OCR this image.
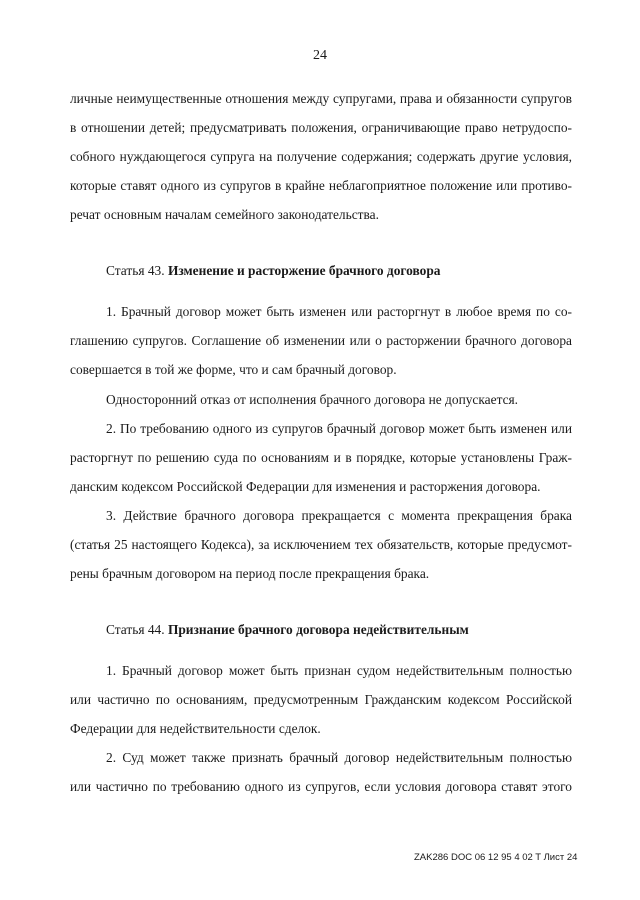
24
личные неимущественные отношения между супругами, права и обязанности супругов
в отношении детей; предусматривать положения, ограничивающие право нетрудоспо-
собного нуждающегося супруга на получение содержания; содержать другие условия,
которые ставят одного из супругов в крайне неблагоприятное положение или противо-
речат основным началам семейного законодательства.
Статья 43. Изменение и расторжение брачного договора
1. Брачный договор может быть изменен или расторгнут в любое время по со-
глашению супругов. Соглашение об изменении или о расторжении брачного договора
совершается в той же форме, что и сам брачный договор.
Односторонний отказ от исполнения брачного договора не допускается.
2. По требованию одного из супругов брачный договор может быть изменен или
расторгнут по решению суда по основаниям и в порядке, которые установлены Граж-
данским кодексом Российской Федерации для изменения и расторжения договора.
3. Действие брачного договора прекращается с момента прекращения брака
(статья 25 настоящего Кодекса), за исключением тех обязательств, которые предусмот-
рены брачным договором на период после прекращения брака.
Статья 44. Признание брачного договора недействительным
1. Брачный договор может быть признан судом недействительным полностью
или частично по основаниям, предусмотренным Гражданским кодексом Российской
Федерации для недействительности сделок.
2. Суд может также признать брачный договор недействительным полностью
или частично по требованию одного из супругов, если условия договора ставят этого
ZAK286 DOC 06 12 95 4 02 T Лист 24
